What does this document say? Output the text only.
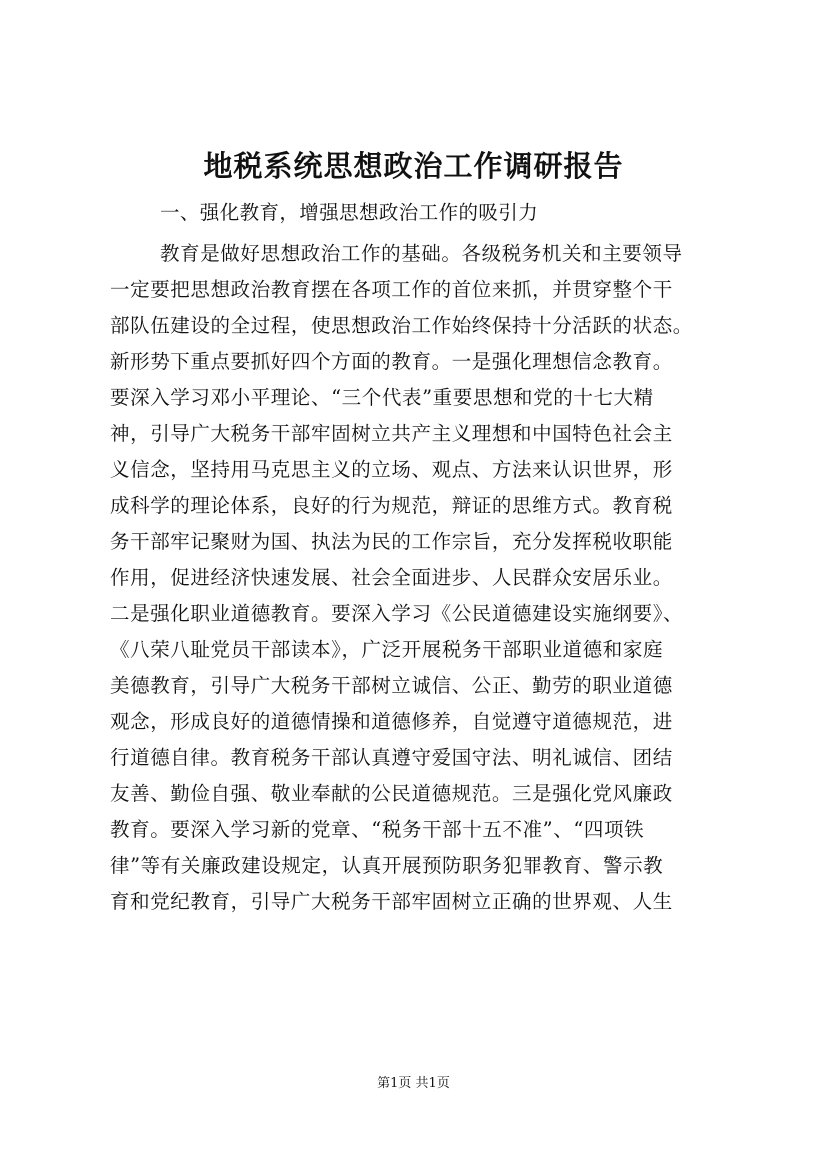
地税系统思想政治工作调研报告
一、强化教育，增强思想政治工作的吸引力
教育是做好思想政治工作的基础。各级税务机关和主要领导
一定要把思想政治教育摆在各项工作的首位来抓，并贯穿整个干
部队伍建设的全过程，使思想政治工作始终保持十分活跃的状态。
新形势下重点要抓好四个方面的教育。一是强化理想信念教育。
要深入学习邓小平理论、“三个代表”重要思想和党的十七大精
神，引导广大税务干部牢固树立共产主义理想和中国特色社会主
义信念，坚持用马克思主义的立场、观点、方法来认识世界，形
成科学的理论体系，良好的行为规范，辩证的思维方式。教育税
务干部牢记聚财为国、执法为民的工作宗旨，充分发挥税收职能
作用，促进经济快速发展、社会全面进步、人民群众安居乐业。
二是强化职业道德教育。要深入学习《公民道德建设实施纲要》、
《八荣八耻党员干部读本》，广泛开展税务干部职业道德和家庭
美德教育，引导广大税务干部树立诚信、公正、勤劳的职业道德
观念，形成良好的道德情操和道德修养，自觉遵守道德规范，进
行道德自律。教育税务干部认真遵守爱国守法、明礼诚信、团结
友善、勤俭自强、敬业奉献的公民道德规范。三是强化党风廉政
教育。要深入学习新的党章、“税务干部十五不准”、“四项铁
律”等有关廉政建设规定，认真开展预防职务犯罪教育、警示教
育和党纪教育，引导广大税务干部牢固树立正确的世界观、人生
第1页 共1页
